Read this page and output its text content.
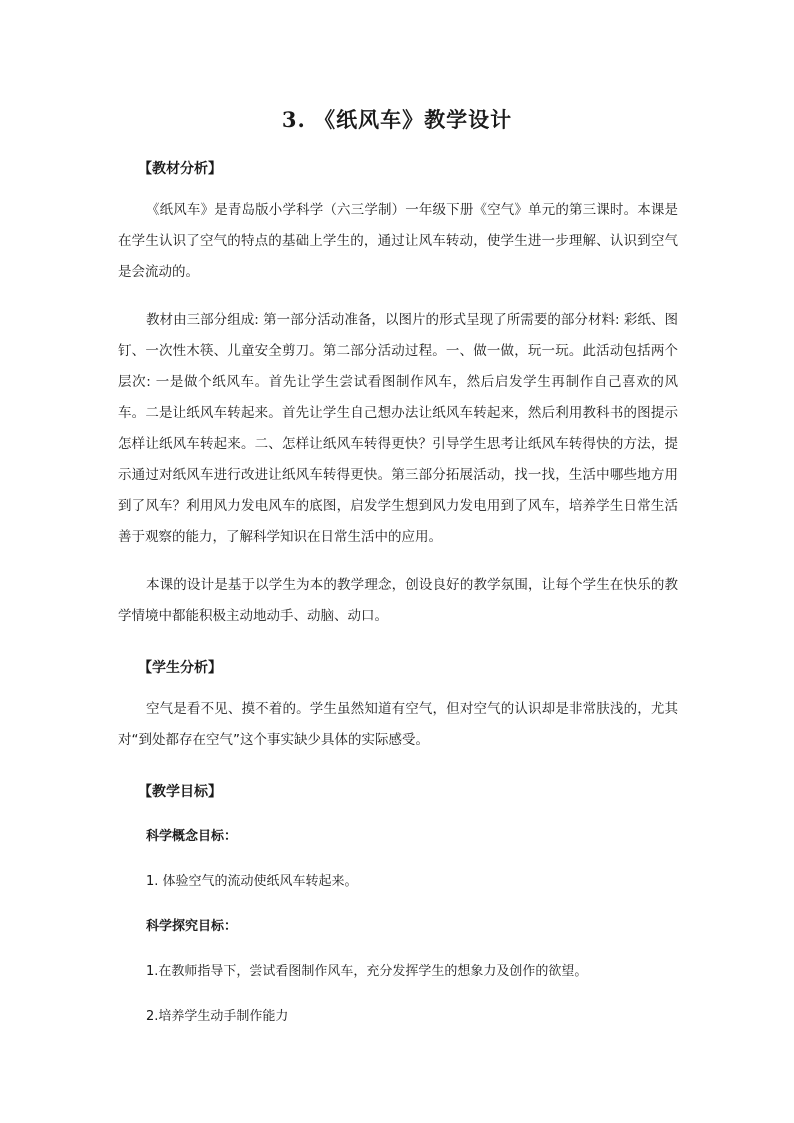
3. 《纸风车》教学设计
【教材分析】

《纸风车》是青岛版小学科学（六三学制）一年级下册《空气》单元的第三课时。本课是在学生认识了空气的特点的基础上学生的，通过让风车转动，使学生进一步理解、认识到空气是会流动的。

教材由三部分组成: 第一部分活动准备，以图片的形式呈现了所需要的部分材料: 彩纸、图钉、一次性木筷、儿童安全剪刀。第二部分活动过程。一、做一做，玩一玩。此活动包括两个层次: 一是做个纸风车。首先让学生尝试看图制作风车，然后启发学生再制作自己喜欢的风车。二是让纸风车转起来。首先让学生自己想办法让纸风车转起来，然后利用教科书的图提示怎样让纸风车转起来。二、怎样让纸风车转得更快？引导学生思考让纸风车转得快的方法，提示通过对纸风车进行改进让纸风车转得更快。第三部分拓展活动，找一找，生活中哪些地方用到了风车？利用风力发电风车的底图，启发学生想到风力发电用到了风车，培养学生日常生活善于观察的能力，了解科学知识在日常生活中的应用。

本课的设计是基于以学生为本的教学理念，创设良好的教学氛围，让每个学生在快乐的教学情境中都能积极主动地动手、动脑、动口。

【学生分析】

空气是看不见、摸不着的。学生虽然知道有空气，但对空气的认识却是非常肤浅的，尤其对“到处都存在空气”这个事实缺少具体的实际感受。

【教学目标】
科学概念目标：
1. 体验空气的流动使纸风车转起来。
科学探究目标：
1.在教师指导下，尝试看图制作风车，充分发挥学生的想象力及创作的欲望。
2.培养学生动手制作能力
